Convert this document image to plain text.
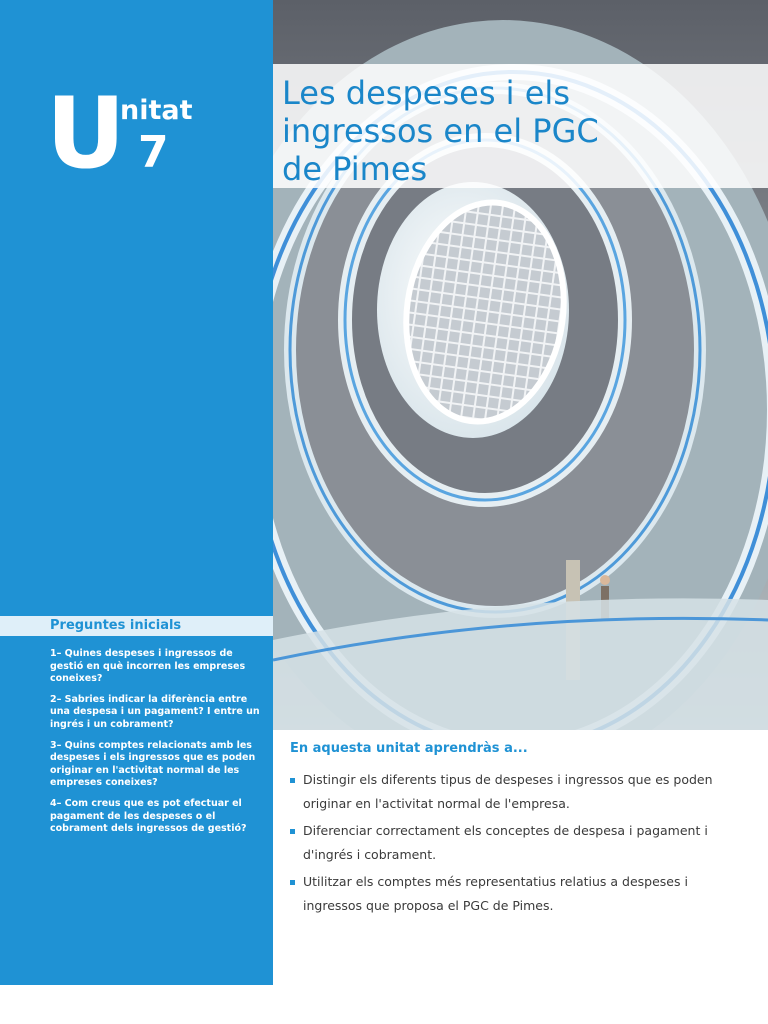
U
nitat
7
Preguntes inicials

1– Quines despeses i ingressos de gestió en què incorren les empreses coneixes?

2– Sabries indicar la diferència entre una despesa i un pagament? I entre un ingrés i un cobrament?

3– Quins comptes relacionats amb les despeses i els ingressos que es poden originar en l'activitat normal de les empreses coneixes?

4– Com creus que es pot efectuar el pagament de les despeses o el cobrament dels ingressos de gestió?

Les despeses i els
ingressos en el PGC
de Pimes
En aquesta unitat aprendràs a...
Distingir els diferents tipus de despeses i ingressos que es poden originar en l'activitat normal de l'empresa.
Diferenciar correctament els conceptes de despesa i pagament i d'ingrés i cobrament.
Utilitzar els comptes més representatius relatius a despeses i ingressos que proposa el PGC de Pimes.
